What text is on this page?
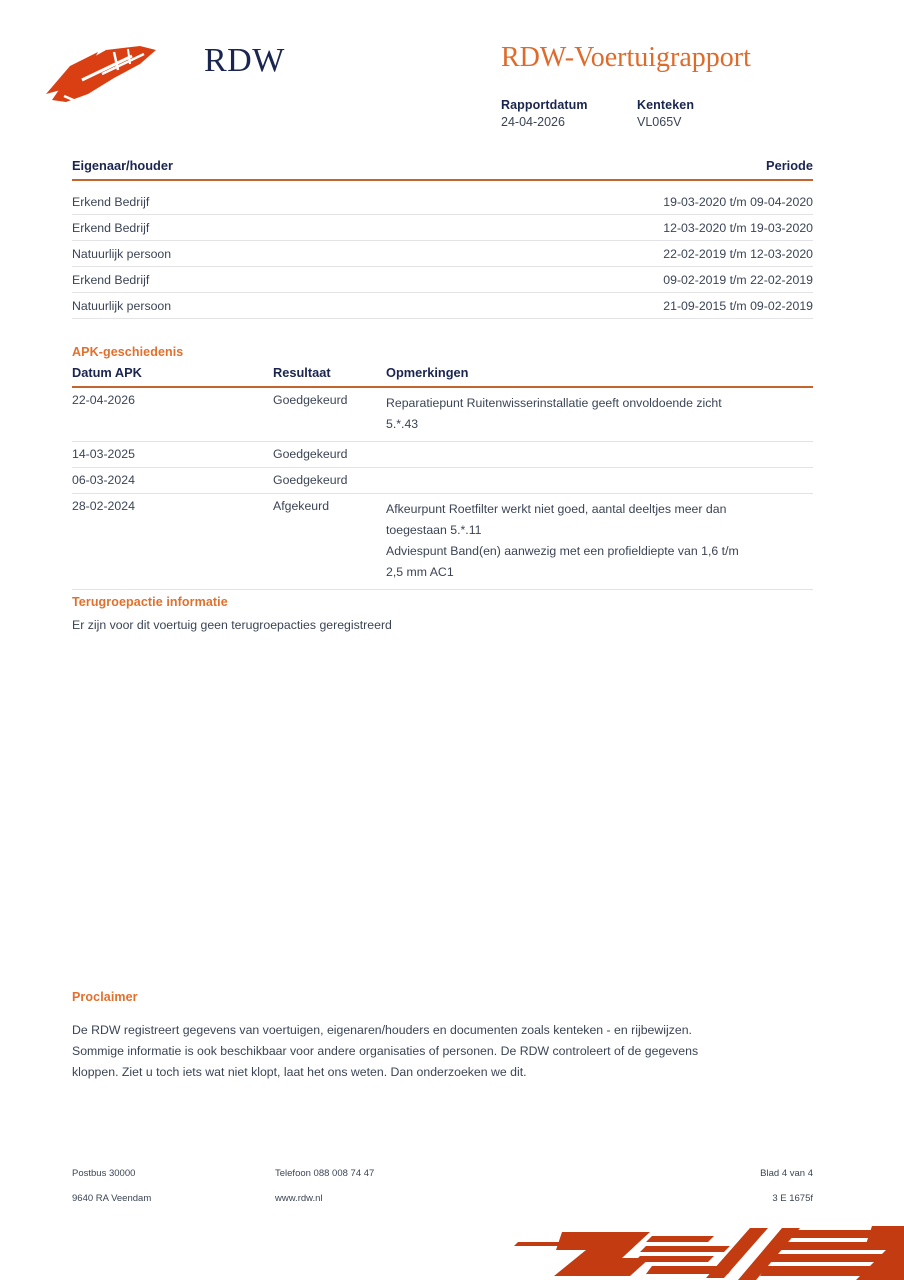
RDW	RDW-Voertuigrapport
Rapportdatum	Kenteken
24-04-2026	VL065V
Eigenaar/houder	Periode
Erkend Bedrijf	19-03-2020 t/m 09-04-2020
Erkend Bedrijf	12-03-2020 t/m 19-03-2020
Natuurlijk persoon	22-02-2019 t/m 12-03-2020
Erkend Bedrijf	09-02-2019 t/m 22-02-2019
Natuurlijk persoon	21-09-2015 t/m 09-02-2019
APK-geschiedenis
Datum APK	Resultaat	Opmerkingen
22-04-2026	Goedgekeurd	Reparatiepunt Ruitenwisserinstallatie geeft onvoldoende zicht
5.*.43
14-03-2025	Goedgekeurd
06-03-2024	Goedgekeurd
28-02-2024	Afgekeurd	Afkeurpunt Roetfilter werkt niet goed, aantal deeltjes meer dan
toegestaan 5.*.11
Adviespunt Band(en) aanwezig met een profieldiepte van 1,6 t/m
2,5 mm AC1
Terugroepactie informatie
Er zijn voor dit voertuig geen terugroepacties geregistreerd
Proclaimer
De RDW registreert gegevens van voertuigen, eigenaren/houders en documenten zoals kenteken - en rijbewijzen.
Sommige informatie is ook beschikbaar voor andere organisaties of personen. De RDW controleert of de gegevens
kloppen. Ziet u toch iets wat niet klopt, laat het ons weten. Dan onderzoeken we dit.
Postbus 30000	Telefoon 088 008 74 47	Blad 4 van 4
9640 RA Veendam	www.rdw.nl	3 E 1675f
